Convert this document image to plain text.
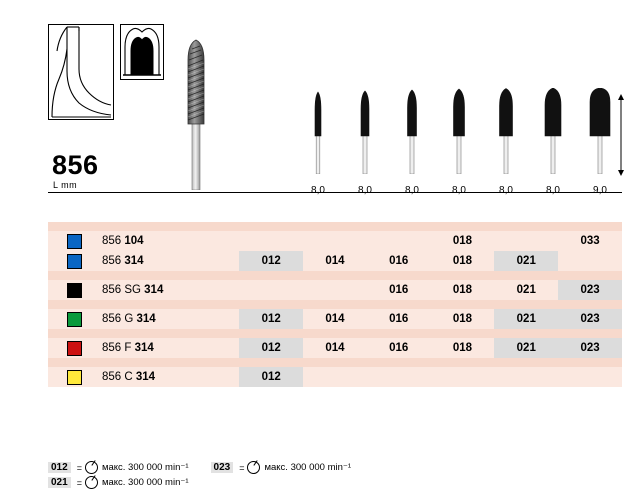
856
L mm	8,0	8,0	8,0	8,0	8,0	8,0	9,0

	856 104				018		033
	856 314	012	014	016	018	021	

	856 SG 314			016	018	021	023

	856 G 314	012	014	016	018	021	023

	856 F 314	012	014	016	018	021	023

	856 C 314	012					
012	= макс. 300 000 min⁻¹	023	= макс. 300 000 min⁻¹
021	= макс. 300 000 min⁻¹
